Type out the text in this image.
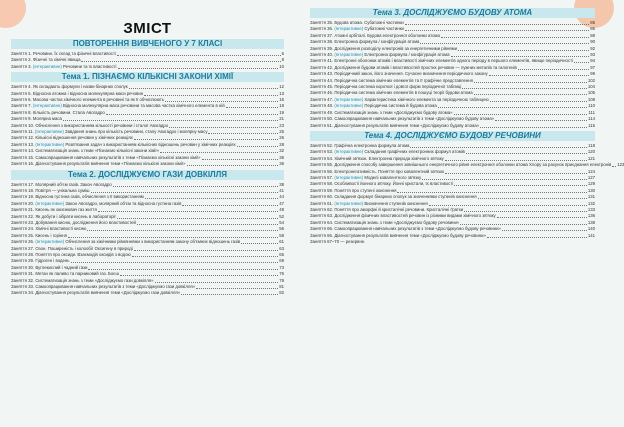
ЗМІСТ
ПОВТОРЕННЯ ВИВЧЕНОГО У 7 КЛАСІ
Заняття 1. Речовини. Їх склад та фізичні властивості	6
Заняття 2. Фізичні та хімічні явища	8
Заняття 3. (Інтерактивне) Речовини та їх властивості	10
Тема 1. ПІЗНАЄМО КІЛЬКІСНІ ЗАКОНИ ХІМІЇ
Заняття 4. Як складають формули і назви бінарних сполук	12
Заняття 5. Відносна атомна і відносна молекулярна маси речовин	13
Заняття 6. Масова частка хімічного елемента в речовині та як її обчислюють	16
Заняття 7. (Інтерактивне) Відносна молекулярна маса речовини та масова частка хімічного елемента в ній	18
Заняття 8. Кількість речовини. Стала Авогадро	19
Заняття 9. Молярна маса	21
Заняття 10. Обчислення з використанням кількості речовини і сталої Авогадро	23
Заняття 11. (Інтерактивне) Завдання знань про кількість речовини, сталу Авогадро і молярну масу	25
Заняття 12. Кількісні відношення речовин у хімічних реакціях	26
Заняття 13. (Інтерактивне) Розв'язання задач з використанням кількісних відношень речовин у хімічних реакціях	28
Заняття 14. Систематизація знань з теми «Пізнаємо кількісні закони хімії»	32
Заняття 15. Самоопрацювання навчальних результатів з теми «Пізнаємо кількісні закони хімії»	35
Заняття 16. Діагностування результатів вивчення теми «Пізнаємо кількісні закони хімії»	36
Тема 2. ДОСЛІДЖУЄМО ГАЗИ ДОВКІЛЛЯ
Заняття 17. Молярний об'єм газів. Закон Авогадро	38
Заняття 18. Повітря — унікальна суміш	41
Заняття 19. Відносна густина газів, обчислення з її використанням	44
Заняття 20. (Інтерактивне) Закон Авогадро, молярний об'єм та відносна густина газів	47
Заняття 21. Кисень як окиснювач газ життя	48
Заняття 22. Як добути і зібрати кисень в лабораторії	52
Заняття 23. Добування кисню, дослідження його властивостей	54
Заняття 24. Хімічні властивості кисню	56
Заняття 25. Кисень і горіння	58
Заняття 26. (Інтерактивне) Обчислення за хімічними рівняннями з використанням закону об'ємних відношень газів	61
Заняття 27. Озон. Поширеність і колообіг Оксигену в природі	63
Заняття 28. Поняття про оксиди. Взаємодія оксидів з водою	65
Заняття 29. Гідроген і водень	69
Заняття 30. Вуглекислий і чадний гази	73
Заняття 31. Метан як паливо та парниковий газ. Боєш	76
Заняття 32. Систематизація знань з теми «Досліджуємо гази довкілля»	79
Заняття 33. Самоопрацювання навчальних результатів з теми «Досліджуємо гази довкілля»	81
Заняття 34. Діагностування результатів вивчення теми «Досліджуємо гази довкілля»	82
Тема 3. ДОСЛІДЖУЄМО БУДОВУ АТОМА
Заняття 35. Будова атома. Субатомні частинки	85
Заняття 36. (Інтерактивне) Субатомні частинки	86
Заняття 37. Атомні орбіталі. Будова електронної оболонки атома	88
Заняття 38. Електронна формула / конфігурація атома	90
Заняття 39. Дослідження розподілу електронів за енергетичними рівнями	92
Заняття 40. (Інтерактивне) Електронна формула / конфігурація атома	93
Заняття 41. Електронні оболонки атомів і властивості хімічних елементів одного періоду в першого елементів, явище періодичності	94
Заняття 42. Дослідження будови атомів і властивостей простих речовин — лужних металів та галогенів	97
Заняття 43. Періодичний закон, його значення. Сучасне визначення періодичного закону	99
Заняття 44. Періодична система хімічних елементів та її графічне представлення	102
Заняття 45. Періодична система короткої і довгої форм періодичної таблиці	104
Заняття 46. Періодична система хімічних елементів в пошуці теорії будови атома	105
Заняття 47. (Інтерактивне) Характеристика хімічного елемента за періодичною таблицею	108
Заняття 48. (Інтерактивне) Періодична система й будова атома	110
Заняття 49. Систематизація знань з теми «Досліджуємо будову атома»	111
Заняття 50. Самоопрацювання навчальних результатів з теми «Досліджуємо будову атома»	114
Заняття 51. Діагностування результатів вивчення теми «Досліджуємо будову атома»	115
Тема 4. ДОСЛІДЖУЄМО БУДОВУ РЕЧОВИНИ
Заняття 52. Графічна електронна формула атома	118
Заняття 53. (Інтерактивне) Складання графічних електронних формул атомів	120
Заняття 54. Хімічний зв'язок. Електронна природа хімічного зв'язку	121
Заняття 55. Дослідження способу завершення зовнішнього енергетичного рівня електронної оболонки атома Хлору за рахунок приєднання електронів 123
Заняття 56. Електронегативність. Поняття про ковалентний зв'язок	124
Заняття 57. (Інтерактивне) Моделі ковалентного зв'язку	127
Заняття 58. Особливості йонного зв'язку. Йонні кристали, їх властивості	129
Заняття 59. Поняття про ступені окиснення	130
Заняття 60. Складання формул бінарних сполук за значеннями ступенів окиснення	131
Заняття 61. (Інтерактивне) Визначення ступенів окиснення	132
Заняття 62. Поняття про аморфні й кристалічні речовини. Кристалічні ґратки	133
Заняття 63. Дослідження фізичних властивостей речовин із різними видами хімічного зв'язку	136
Заняття 64. Систематизація знань з теми «Досліджуємо будову речовини»	138
Заняття 65. Самоопрацювання навчальних результатів з теми «Досліджуємо будову речовини»	140
Заняття 66. Діагностування результатів вивчення теми «Досліджуємо будову речовини»	141
Заняття 67–70 — резервне.
